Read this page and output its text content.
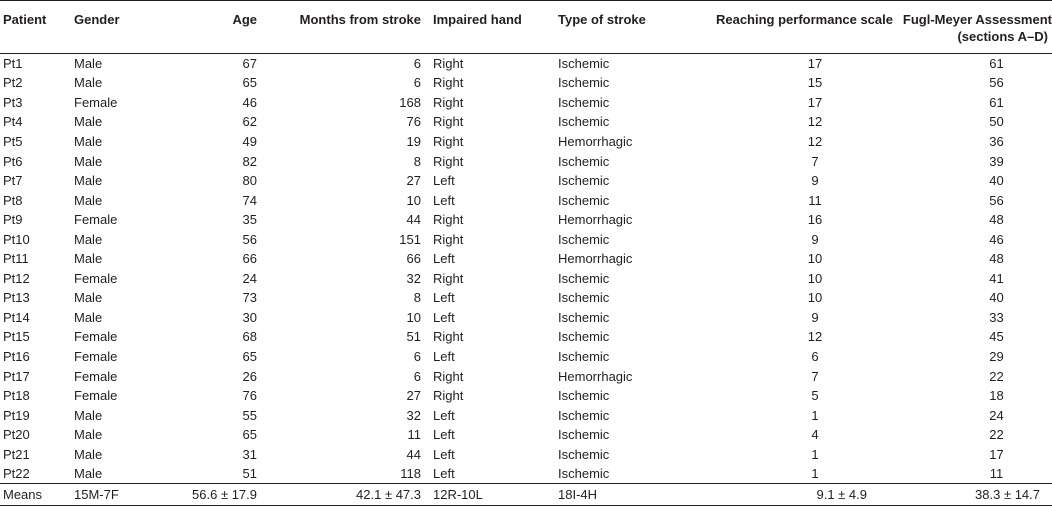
Patient	Gender	Age	Months from stroke	Impaired hand	Type of stroke	Reaching performance scale	Fugl-Meyer Assessment
(sections A–D)

Pt1	Male	67	6	Right	Ischemic	17	61
Pt2	Male	65	6	Right	Ischemic	15	56
Pt3	Female	46	168	Right	Ischemic	17	61
Pt4	Male	62	76	Right	Ischemic	12	50
Pt5	Male	49	19	Right	Hemorrhagic	12	36
Pt6	Male	82	8	Right	Ischemic	7	39
Pt7	Male	80	27	Left	Ischemic	9	40
Pt8	Male	74	10	Left	Ischemic	11	56
Pt9	Female	35	44	Right	Hemorrhagic	16	48
Pt10	Male	56	151	Right	Ischemic	9	46
Pt11	Male	66	66	Left	Hemorrhagic	10	48
Pt12	Female	24	32	Right	Ischemic	10	41
Pt13	Male	73	8	Left	Ischemic	10	40
Pt14	Male	30	10	Left	Ischemic	9	33
Pt15	Female	68	51	Right	Ischemic	12	45
Pt16	Female	65	6	Left	Ischemic	6	29
Pt17	Female	26	6	Right	Hemorrhagic	7	22
Pt18	Female	76	27	Right	Ischemic	5	18
Pt19	Male	55	32	Left	Ischemic	1	24
Pt20	Male	65	11	Left	Ischemic	4	22
Pt21	Male	31	44	Left	Ischemic	1	17
Pt22	Male	51	118	Left	Ischemic	1	11
Means	15M-7F	56.6 ± 17.9	42.1 ± 47.3	12R-10L	18I-4H	9.1 ± 4.9	38.3 ± 14.7
